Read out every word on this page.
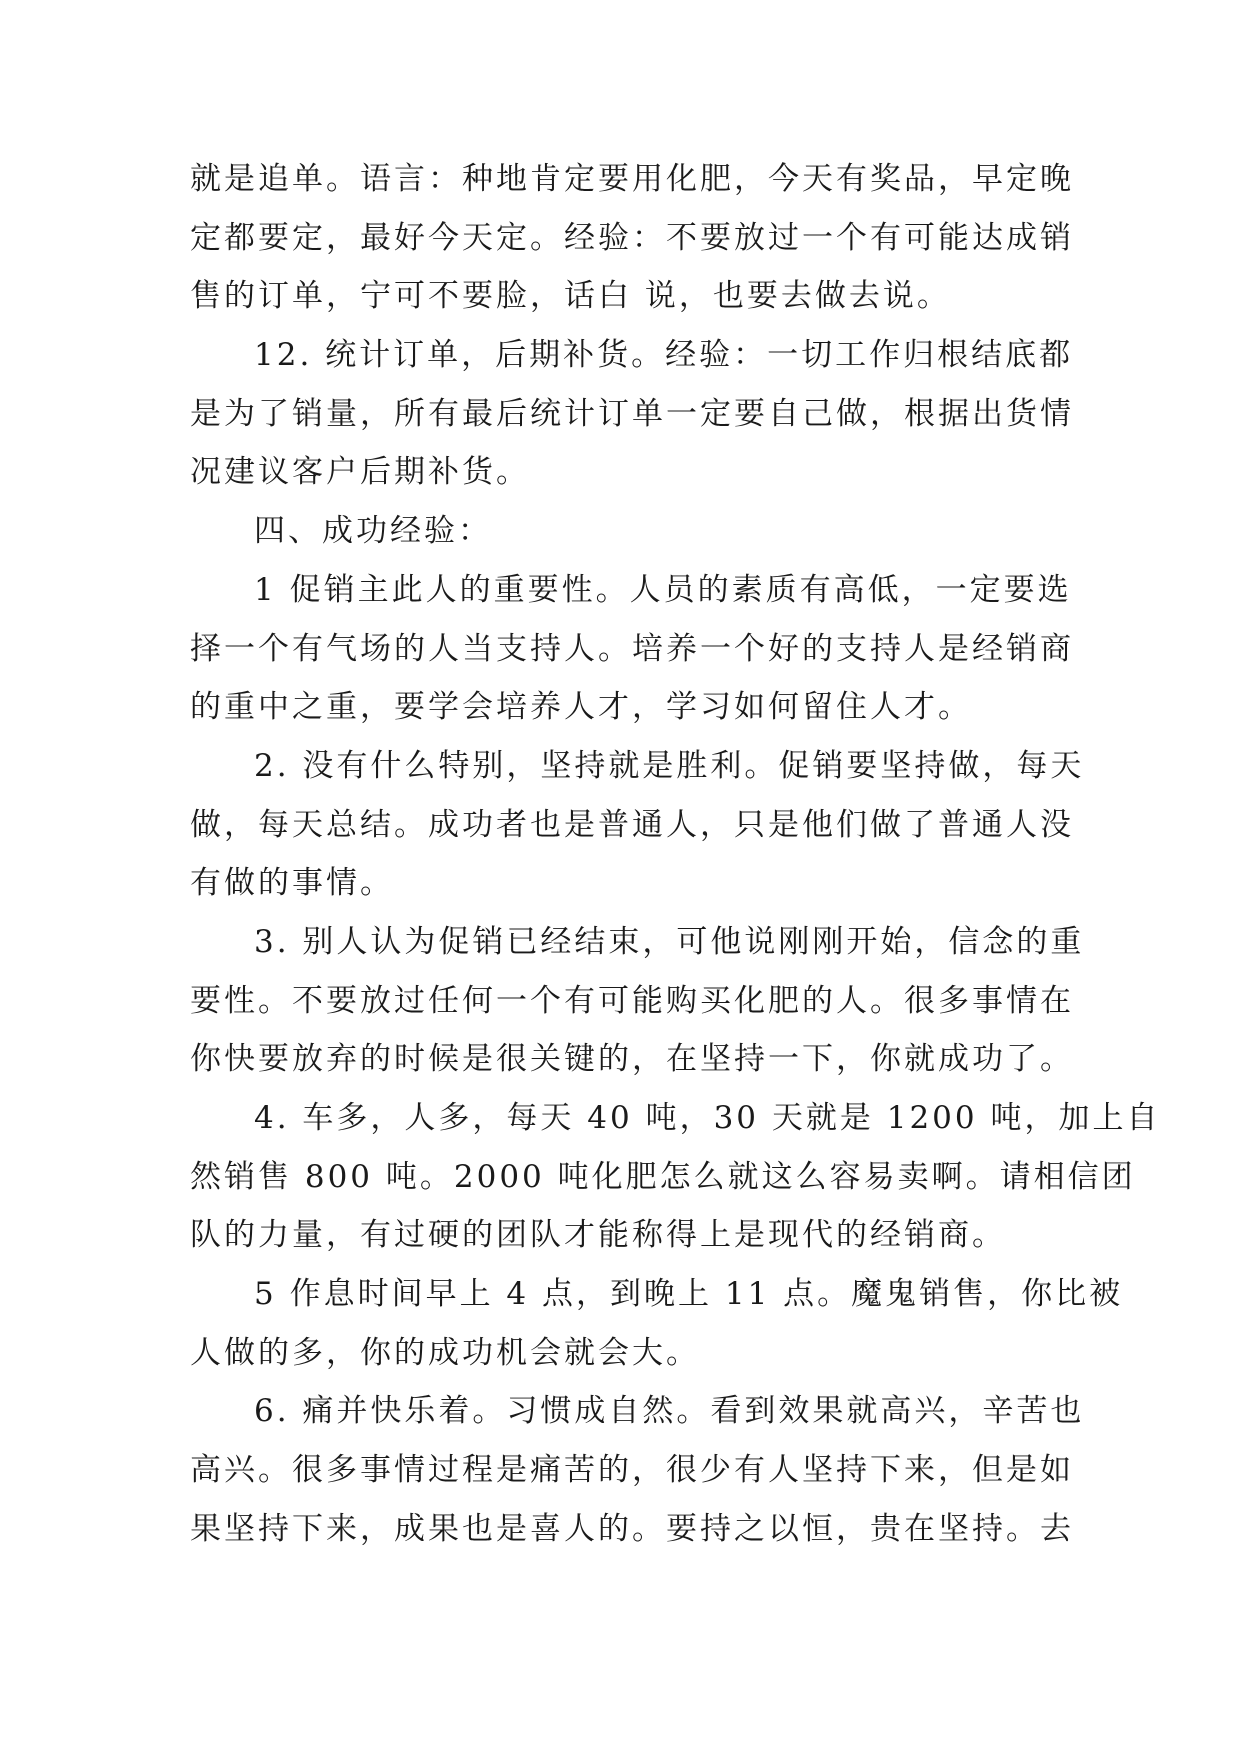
就是追单。语言：种地肯定要用化肥，今天有奖品，早定晚
定都要定，最好今天定。经验：不要放过一个有可能达成销
售的订单，宁可不要脸，话白 说，也要去做去说。
12. 统计订单，后期补货。经验：一切工作归根结底都
是为了销量，所有最后统计订单一定要自己做，根据出货情
况建议客户后期补货。
四、成功经验：
1 促销主此人的重要性。人员的素质有高低，一定要选
择一个有气场的人当支持人。培养一个好的支持人是经销商
的重中之重，要学会培养人才，学习如何留住人才。
2. 没有什么特别，坚持就是胜利。促销要坚持做，每天
做，每天总结。成功者也是普通人，只是他们做了普通人没
有做的事情。
3. 别人认为促销已经结束，可他说刚刚开始，信念的重
要性。不要放过任何一个有可能购买化肥的人。很多事情在
你快要放弃的时候是很关键的，在坚持一下，你就成功了。
4. 车多，人多，每天 40 吨，30 天就是 1200 吨，加上自
然销售 800 吨。2000 吨化肥怎么就这么容易卖啊。请相信团
队的力量，有过硬的团队才能称得上是现代的经销商。
5 作息时间早上 4 点，到晚上 11 点。魔鬼销售，你比被
人做的多，你的成功机会就会大。
6. 痛并快乐着。习惯成自然。看到效果就高兴，辛苦也
高兴。很多事情过程是痛苦的，很少有人坚持下来，但是如
果坚持下来，成果也是喜人的。要持之以恒，贵在坚持。去
